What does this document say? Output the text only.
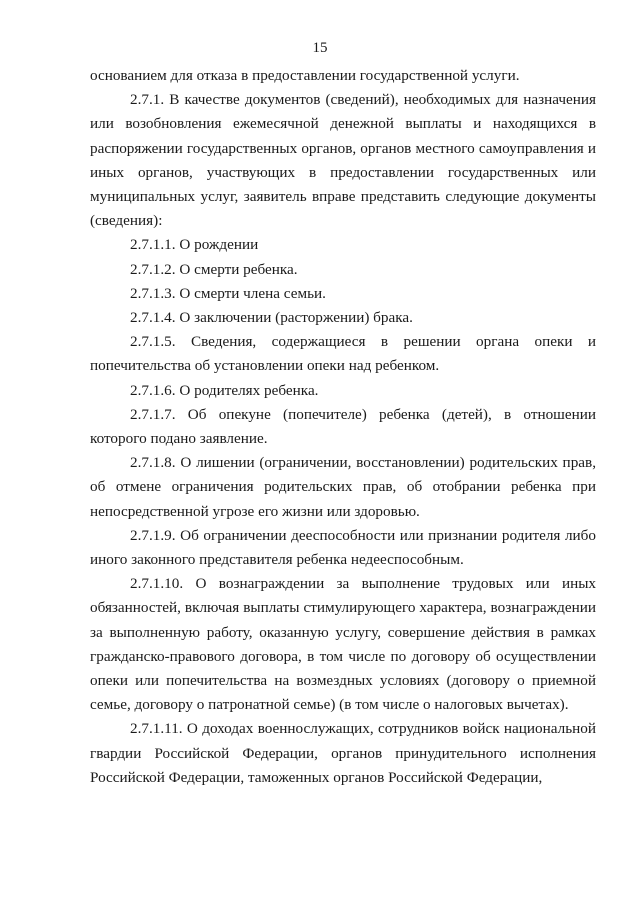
15

основанием для отказа в предоставлении государственной услуги.

2.7.1. В качестве документов (сведений), необходимых для назначения или возобновления ежемесячной денежной выплаты и находящихся в распоряжении государственных органов, органов местного самоуправления и иных органов, участвующих в предоставлении государственных или муниципальных услуг, заявитель вправе представить следующие документы (сведения):

2.7.1.1. О рождении

2.7.1.2. О смерти ребенка.

2.7.1.3. О смерти члена семьи.

2.7.1.4. О заключении (расторжении) брака.

2.7.1.5. Сведения, содержащиеся в решении органа опеки и попечительства об установлении опеки над ребенком.

2.7.1.6. О родителях ребенка.

2.7.1.7. Об опекуне (попечителе) ребенка (детей), в отношении которого подано заявление.

2.7.1.8. О лишении (ограничении, восстановлении) родительских прав, об отмене ограничения родительских прав, об отобрании ребенка при непосредственной угрозе его жизни или здоровью.

2.7.1.9. Об ограничении дееспособности или признании родителя либо иного законного представителя ребенка недееспособным.

2.7.1.10. О вознаграждении за выполнение трудовых или иных обязанностей, включая выплаты стимулирующего характера, вознаграждении за выполненную работу, оказанную услугу, совершение действия в рамках гражданско-правового договора, в том числе по договору об осуществлении опеки или попечительства на возмездных условиях (договору о приемной семье, договору о патронатной семье) (в том числе о налоговых вычетах).

2.7.1.11. О доходах военнослужащих, сотрудников войск национальной гвардии Российской Федерации, органов принудительного исполнения Российской Федерации, таможенных органов Российской Федерации,
